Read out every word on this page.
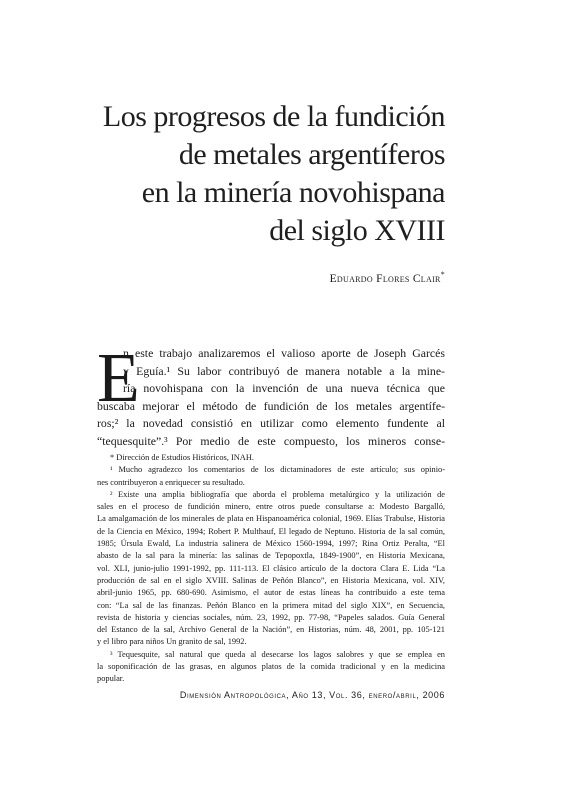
Los progresos de la fundición
de metales argentíferos
en la minería novohispana
del siglo XVIII
Eduardo Flores Clair*
E
n este trabajo analizaremos el valioso aporte de Joseph Garcés
y Eguía.¹ Su labor contribuyó de manera notable a la mine-
ría novohispana con la invención de una nueva técnica que
buscaba mejorar el método de fundición de los metales argentífe-
ros;² la novedad consistió en utilizar como elemento fundente al
“tequesquite”.³ Por medio de este compuesto, los mineros conse-
* Dirección de Estudios Históricos, INAH.
¹ Mucho agradezco los comentarios de los dictaminadores de este artículo; sus opinio-
nes contribuyeron a enriquecer su resultado.
² Existe una amplia bibliografía que aborda el problema metalúrgico y la utilización de
sales en el proceso de fundición minero, entre otros puede consultarse a: Modesto Bargalló,
La amalgamación de los minerales de plata en Hispanoamérica colonial, 1969. Elías Trabulse, Historia
de la Ciencia en México, 1994; Robert P. Multhauf, El legado de Neptuno. Historia de la sal común,
1985; Úrsula Ewald, La industria salinera de México 1560-1994, 1997; Rina Ortiz Peralta, “El
abasto de la sal para la minería: las salinas de Tepopoxtla, 1849-1900”, en Historia Mexicana,
vol. XLI, junio-julio 1991-1992, pp. 111-113. El clásico artículo de la doctora Clara E. Lida “La
producción de sal en el siglo XVIII. Salinas de Peñón Blanco”, en Historia Mexicana, vol. XIV,
abril-junio 1965, pp. 680-690. Asimismo, el autor de estas líneas ha contribuido a este tema
con: “La sal de las finanzas. Peñón Blanco en la primera mitad del siglo XIX”, en Secuencia,
revista de historia y ciencias sociales, núm. 23, 1992, pp. 77-98, “Papeles salados. Guía General
del Estanco de la sal, Archivo General de la Nación”, en Historias, núm. 48, 2001, pp. 105-121
y el libro para niños Un granito de sal, 1992.
³ Tequesquite, sal natural que queda al desecarse los lagos salobres y que se emplea en
la soponificación de las grasas, en algunos platos de la comida tradicional y en la medicina
popular.
Dimensión Antropológica, Año 13, Vol. 36, enero/abril, 2006
